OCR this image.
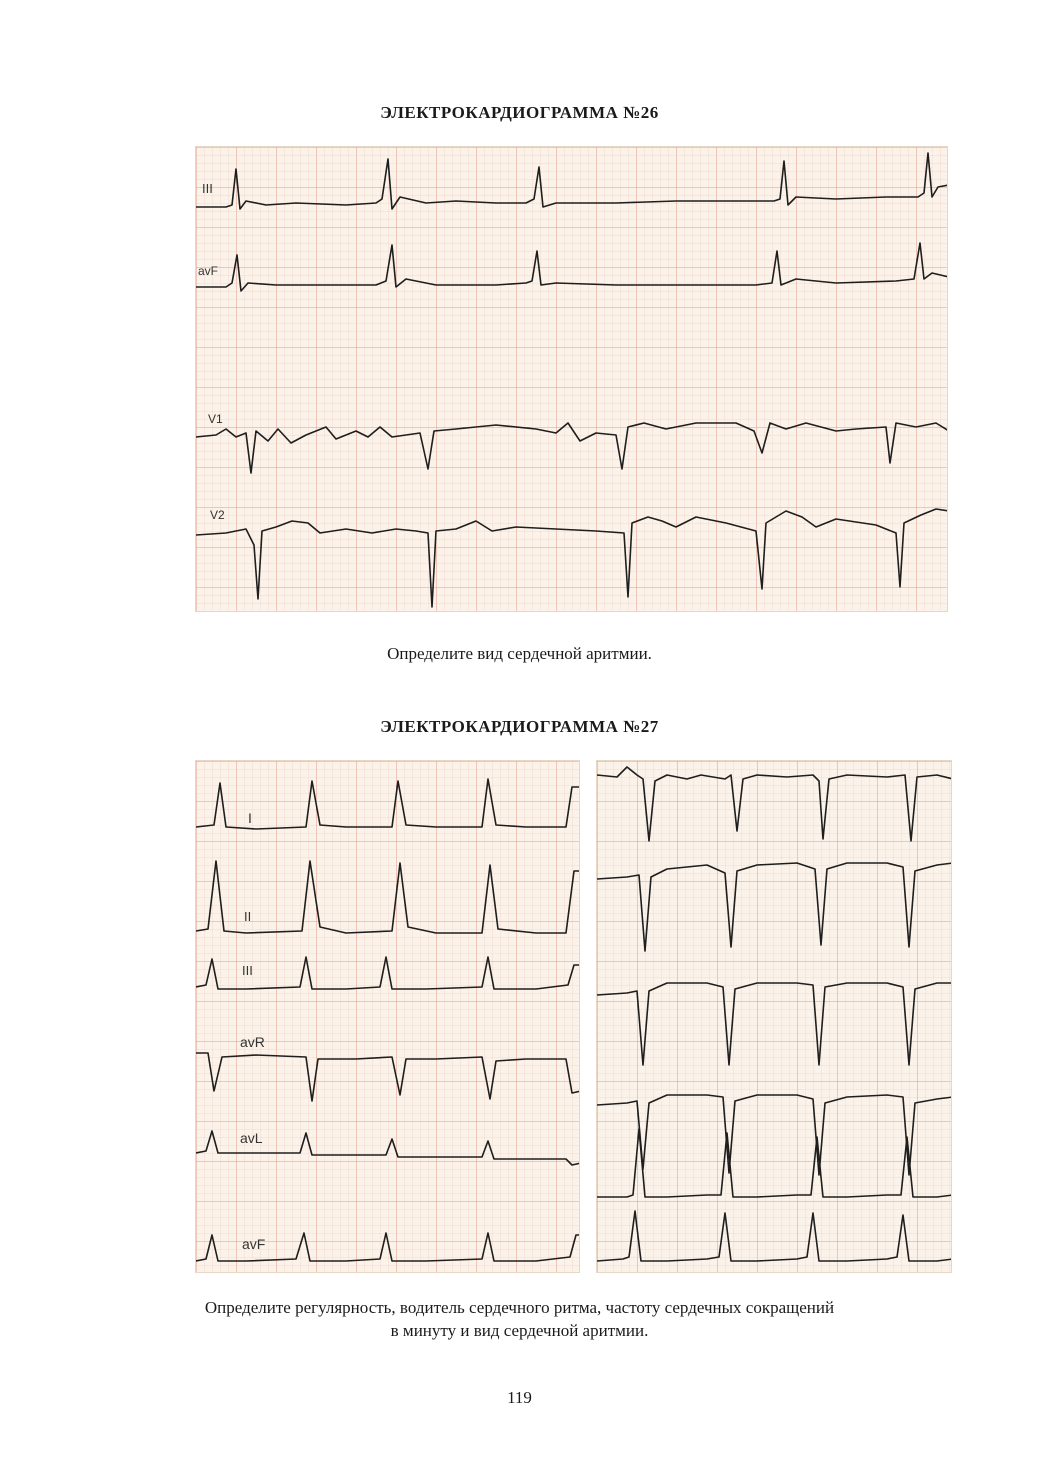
ЭЛЕКТРОКАРДИОГРАММА №26
III
avF
V1
V2
Определите вид сердечной аритмии.
ЭЛЕКТРОКАРДИОГРАММА №27
I
II
III
avR
avL
avF
Определите регулярность, водитель сердечного ритма, частоту сердечных сокращений
в минуту и вид сердечной аритмии.
119
